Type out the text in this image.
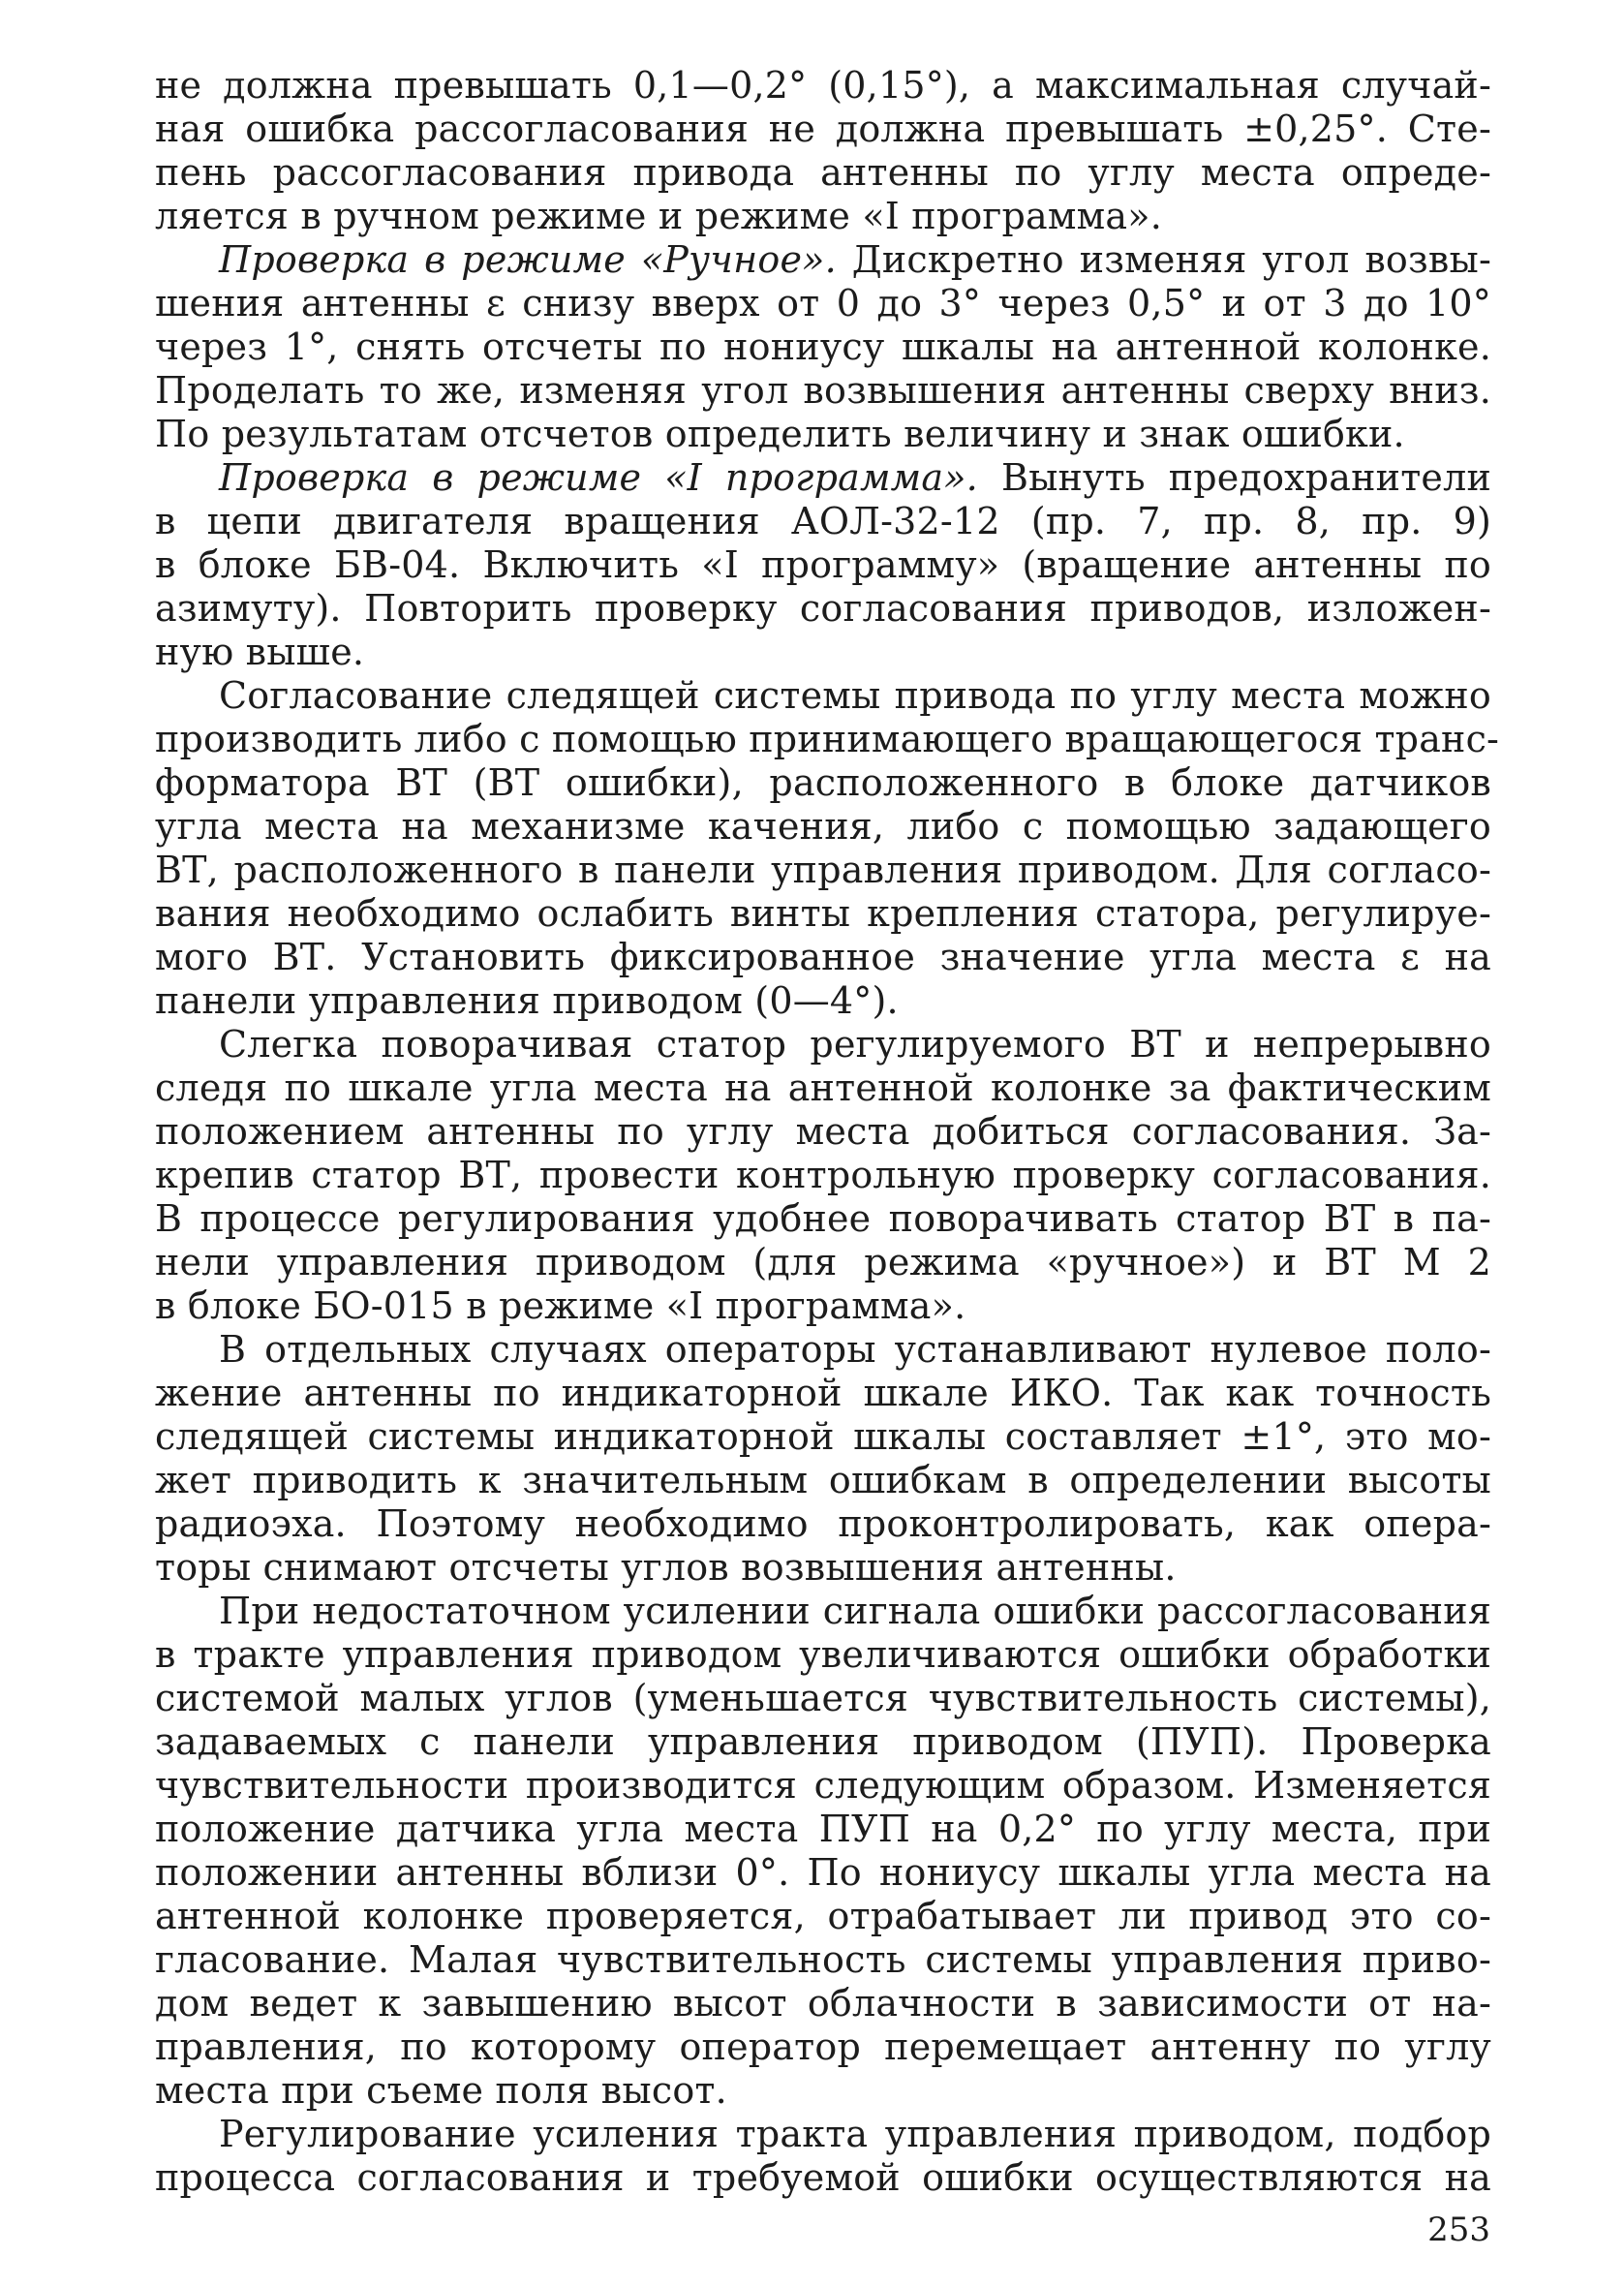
не должна превышать 0,1—0,2° (0,15°), а максимальная случай-
ная ошибка рассогласования не должна превышать ±0,25°. Сте-
пень рассогласования привода антенны по углу места опреде-
ляется в ручном режиме и режиме «I программа».
Проверка в режиме «Ручное». Дискретно изменяя угол возвы-
шения антенны ε снизу вверх от 0 до 3° через 0,5° и от 3 до 10°
через 1°, снять отсчеты по нониусу шкалы на антенной колонке.
Проделать то же, изменяя угол возвышения антенны сверху вниз.
По результатам отсчетов определить величину и знак ошибки.
Проверка в режиме «I программа». Вынуть предохранители
в цепи двигателя вращения АОЛ-32-12 (пр. 7, пр. 8, пр. 9)
в блоке БВ-04. Включить «I программу» (вращение антенны по
азимуту). Повторить проверку согласования приводов, изложен-
ную выше.
Согласование следящей системы привода по углу места можно
производить либо с помощью принимающего вращающегося транс-
форматора ВТ (ВТ ошибки), расположенного в блоке датчиков
угла места на механизме качения, либо с помощью задающего
ВТ, расположенного в панели управления приводом. Для согласо-
вания необходимо ослабить винты крепления статора, регулируе-
мого ВТ. Установить фиксированное значение угла места ε на
панели управления приводом (0—4°).
Слегка поворачивая статор регулируемого ВТ и непрерывно
следя по шкале угла места на антенной колонке за фактическим
положением антенны по углу места добиться согласования. За-
крепив статор ВТ, провести контрольную проверку согласования.
В процессе регулирования удобнее поворачивать статор ВТ в па-
нели управления приводом (для режима «ручное») и ВТ М 2
в блоке БО-015 в режиме «I программа».
В отдельных случаях операторы устанавливают нулевое поло-
жение антенны по индикаторной шкале ИКО. Так как точность
следящей системы индикаторной шкалы составляет ±1°, это мо-
жет приводить к значительным ошибкам в определении высоты
радиоэха. Поэтому необходимо проконтролировать, как опера-
торы снимают отсчеты углов возвышения антенны.
При недостаточном усилении сигнала ошибки рассогласования
в тракте управления приводом увеличиваются ошибки обработки
системой малых углов (уменьшается чувствительность системы),
задаваемых с панели управления приводом (ПУП). Проверка
чувствительности производится следующим образом. Изменяется
положение датчика угла места ПУП на 0,2° по углу места, при
положении антенны вблизи 0°. По нониусу шкалы угла места на
антенной колонке проверяется, отрабатывает ли привод это со-
гласование. Малая чувствительность системы управления приво-
дом ведет к завышению высот облачности в зависимости от на-
правления, по которому оператор перемещает антенну по углу
места при съеме поля высот.
Регулирование усиления тракта управления приводом, подбор
процесса согласования и требуемой ошибки осуществляются на
253
